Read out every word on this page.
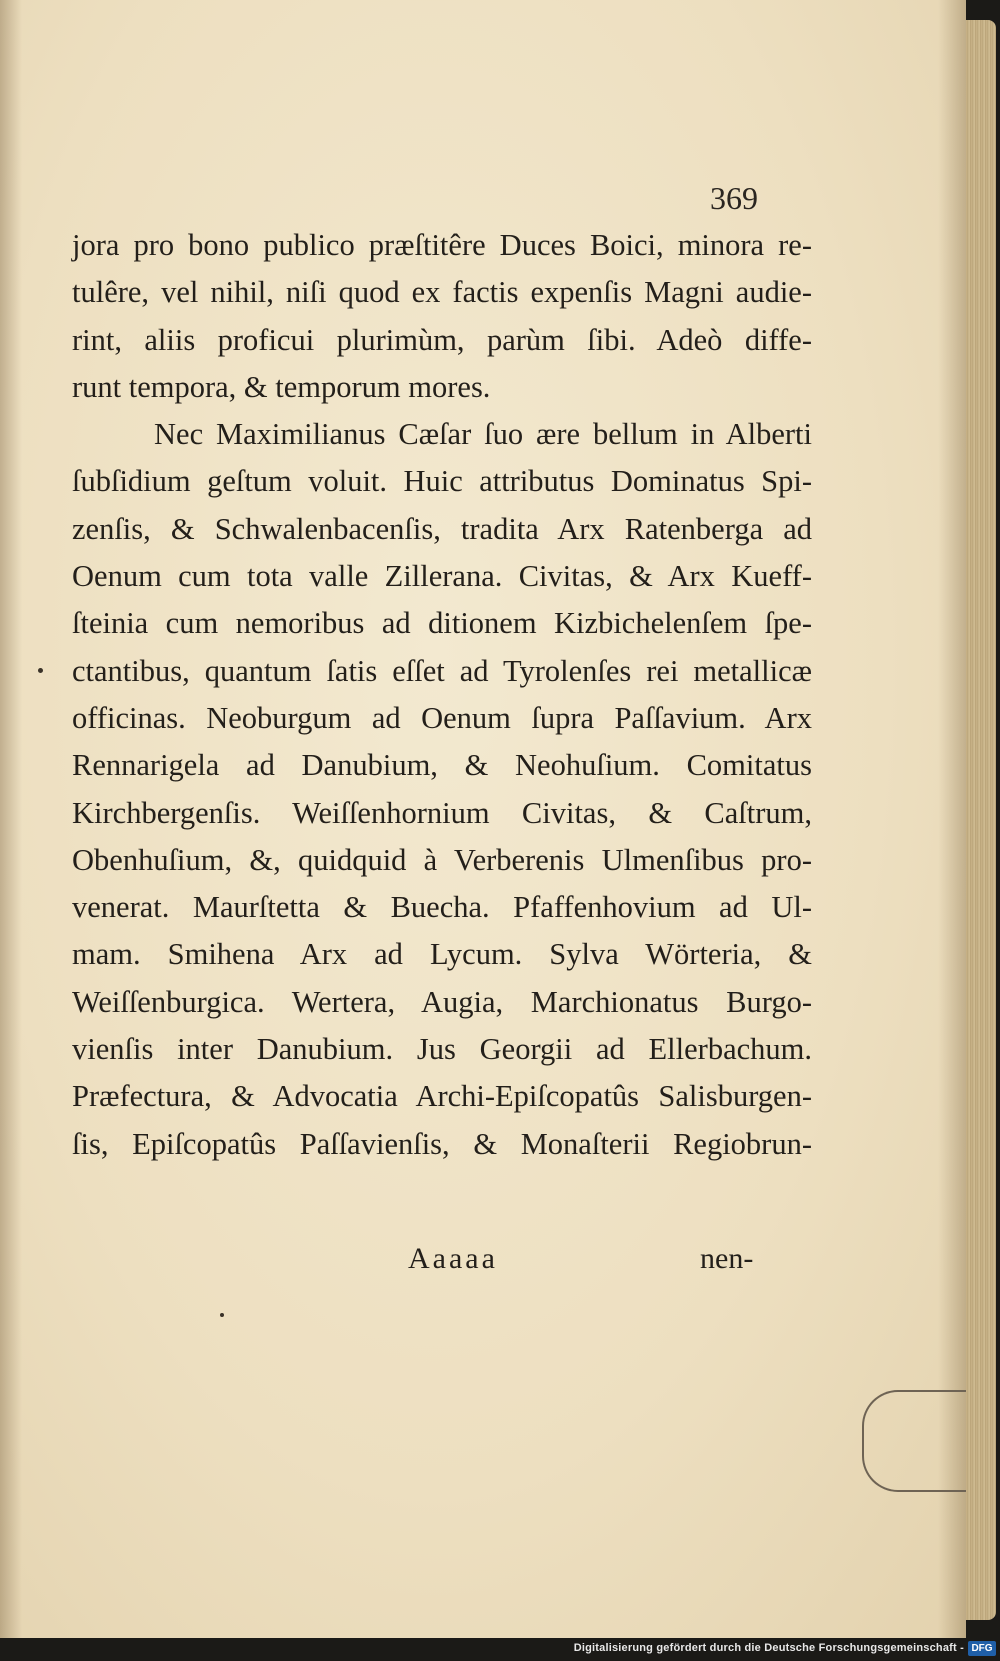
369
jora pro bono publico præſtitêre Duces Boici, minora re-
tulêre, vel nihil, niſi quod ex factis expenſis Magni audie-
rint, aliis proficui plurimùm, parùm ſibi. Adeò diffe-
runt tempora, & temporum mores.
Nec Maximilianus Cæſar ſuo ære bellum in Alberti
ſubſidium geſtum voluit. Huic attributus Dominatus Spi-
zenſis, & Schwalenbacenſis, tradita Arx Ratenberga ad
Oenum cum tota valle Zillerana. Civitas, & Arx Kueff-
ſteinia cum nemoribus ad ditionem Kizbichelenſem ſpe-
ctantibus, quantum ſatis eſſet ad Tyrolenſes rei metallicæ
officinas. Neoburgum ad Oenum ſupra Paſſavium. Arx
Rennarigela ad Danubium, & Neohuſium. Comitatus
Kirchbergenſis. Weiſſenhornium Civitas, & Caſtrum,
Obenhuſium, &, quidquid à Verberenis Ulmenſibus pro-
venerat. Maurſtetta & Buecha. Pfaffenhovium ad Ul-
mam. Smihena Arx ad Lycum. Sylva Wörteria, &
Weiſſenburgica. Wertera, Augia, Marchionatus Burgo-
vienſis inter Danubium. Jus Georgii ad Ellerbachum.
Præfectura, & Advocatia Archi-Epiſcopatûs Salisburgen-
ſis, Epiſcopatûs Paſſavienſis, & Monaſterii Regiobrun-
Aaaaa	nen-
Digitalisierung gefördert durch die Deutsche Forschungsgemeinschaft - DFG
